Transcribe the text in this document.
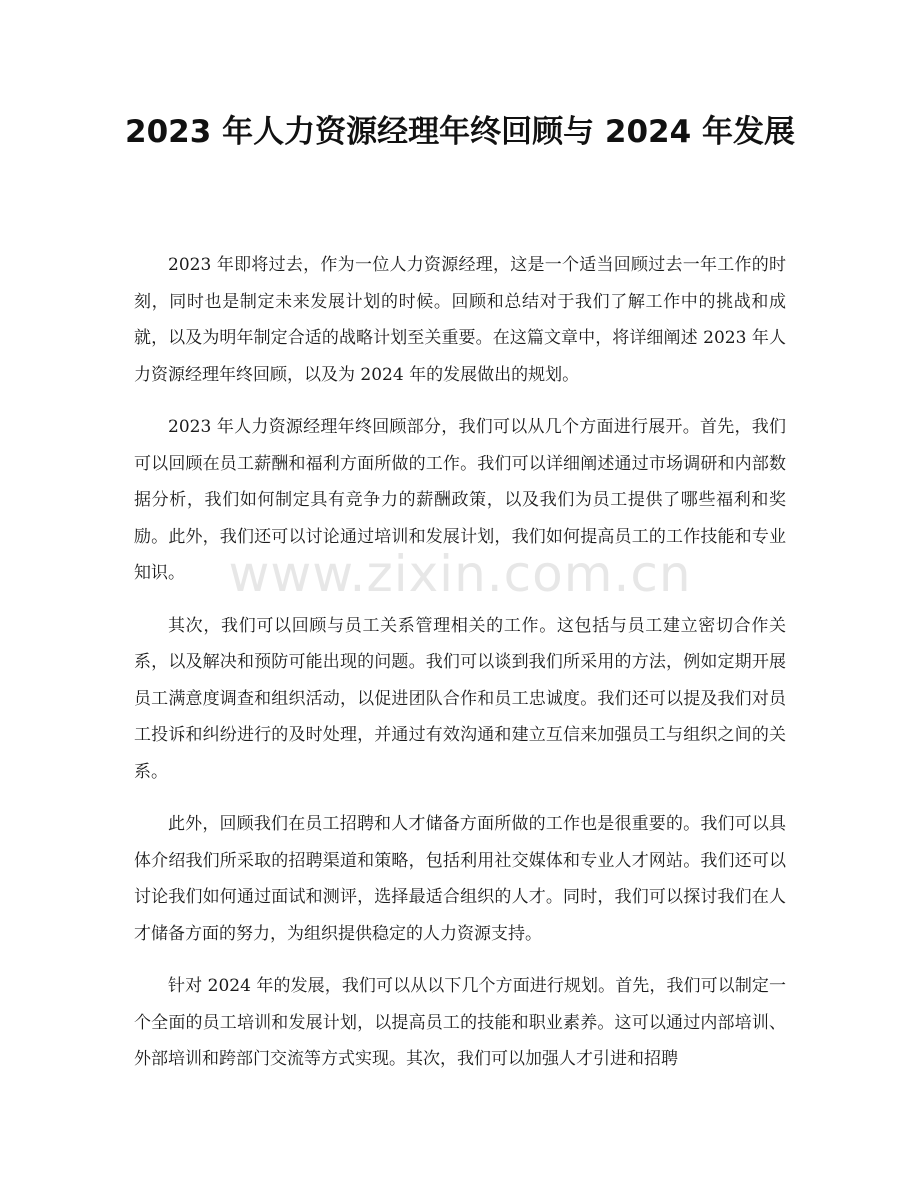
2023 年人力资源经理年终回顾与 2024 年发展

2023 年即将过去，作为一位人力资源经理，这是一个适当回顾过去一年工作的时刻，同时也是制定未来发展计划的时候。回顾和总结对于我们了解工作中的挑战和成就，以及为明年制定合适的战略计划至关重要。在这篇文章中，将详细阐述 2023 年人力资源经理年终回顾，以及为 2024 年的发展做出的规划。

2023 年人力资源经理年终回顾部分，我们可以从几个方面进行展开。首先，我们可以回顾在员工薪酬和福利方面所做的工作。我们可以详细阐述通过市场调研和内部数据分析，我们如何制定具有竞争力的薪酬政策，以及我们为员工提供了哪些福利和奖励。此外，我们还可以讨论通过培训和发展计划，我们如何提高员工的工作技能和专业知识。

其次，我们可以回顾与员工关系管理相关的工作。这包括与员工建立密切合作关系，以及解决和预防可能出现的问题。我们可以谈到我们所采用的方法，例如定期开展员工满意度调查和组织活动，以促进团队合作和员工忠诚度。我们还可以提及我们对员工投诉和纠纷进行的及时处理，并通过有效沟通和建立互信来加强员工与组织之间的关系。

此外，回顾我们在员工招聘和人才储备方面所做的工作也是很重要的。我们可以具体介绍我们所采取的招聘渠道和策略，包括利用社交媒体和专业人才网站。我们还可以讨论我们如何通过面试和测评，选择最适合组织的人才。同时，我们可以探讨我们在人才储备方面的努力，为组织提供稳定的人力资源支持。

针对 2024 年的发展，我们可以从以下几个方面进行规划。首先，我们可以制定一个全面的员工培训和发展计划，以提高员工的技能和职业素养。这可以通过内部培训、外部培训和跨部门交流等方式实现。其次，我们可以加强人才引进和招聘

www.zixin.com.cn
